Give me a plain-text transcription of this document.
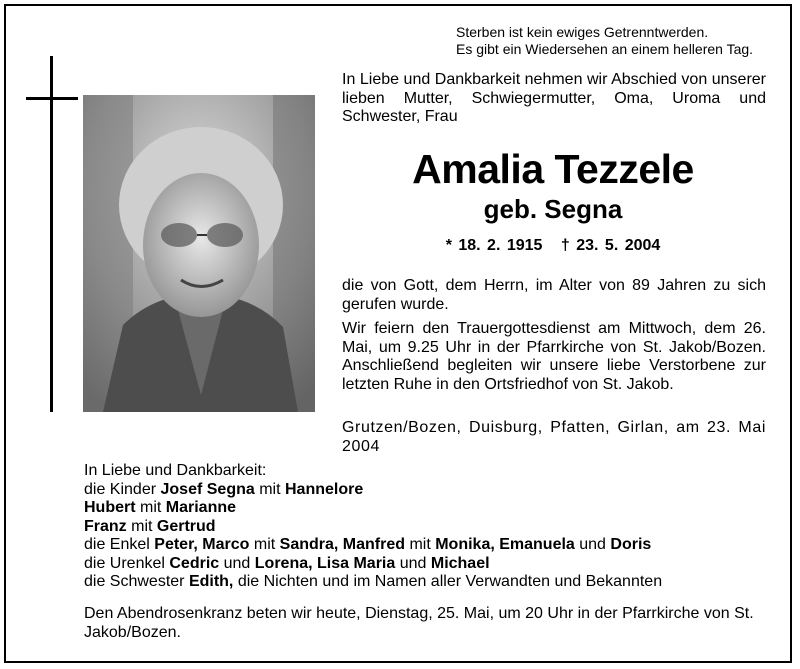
Sterben ist kein ewiges Getrenntwerden.
Es gibt ein Wiedersehen an einem helleren Tag.
In Liebe und Dankbarkeit nehmen wir Abschied von unserer lieben Mutter, Schwiegermutter, Oma, Uroma und Schwester, Frau
Amalia Tezzele
geb. Segna
* 18. 2. 1915 † 23. 5. 2004
die von Gott, dem Herrn, im Alter von 89 Jahren zu sich gerufen wurde.
Wir feiern den Trauergottesdienst am Mittwoch, dem 26. Mai, um 9.25 Uhr in der Pfarrkirche von St. Jakob/Bozen. Anschließend begleiten wir unsere liebe Verstorbene zur letzten Ruhe in den Ortsfriedhof von St. Jakob.
Grutzen/Bozen, Duisburg, Pfatten, Girlan, am 23. Mai 2004
In Liebe und Dankbarkeit:
die Kinder Josef Segna mit Hannelore
Hubert mit Marianne
Franz mit Gertrud
die Enkel Peter, Marco mit Sandra, Manfred mit Monika, Emanuela und Doris
die Urenkel Cedric und Lorena, Lisa Maria und Michael
die Schwester Edith, die Nichten und im Namen aller Verwandten und Bekannten
Den Abendrosenkranz beten wir heute, Dienstag, 25. Mai, um 20 Uhr in der Pfarrkirche von St. Jakob/Bozen.
